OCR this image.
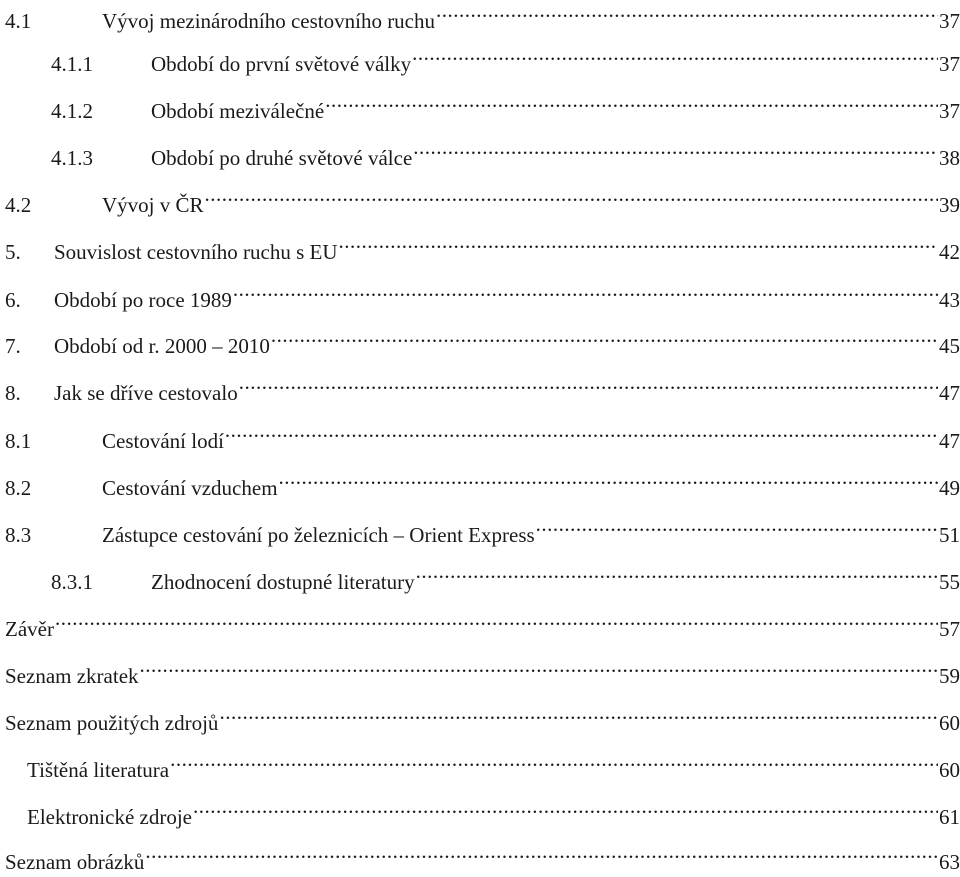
4.1	Vývoj mezinárodního cestovního ruchu .....	37
4.1.1	Období do první světové války .....	37
4.1.2	Období meziválečné .....	37
4.1.3	Období po druhé světové válce .....	38
4.2	Vývoj v ČR .....	39
5.	Souvislost cestovního ruchu s EU .....	42
6.	Období po roce 1989 .....	43
7.	Období od r. 2000 – 2010 .....	45
8.	Jak se dříve cestovalo .....	47
8.1	Cestování lodí .....	47
8.2	Cestování vzduchem .....	49
8.3	Zástupce cestování po železnicích – Orient Express .....	51
8.3.1	Zhodnocení dostupné literatury .....	55
Závěr .....	57
Seznam zkratek .....	59
Seznam použitých zdrojů .....	60
Tištěná literatura .....	60
Elektronické zdroje .....	61
Seznam obrázků .....	63
